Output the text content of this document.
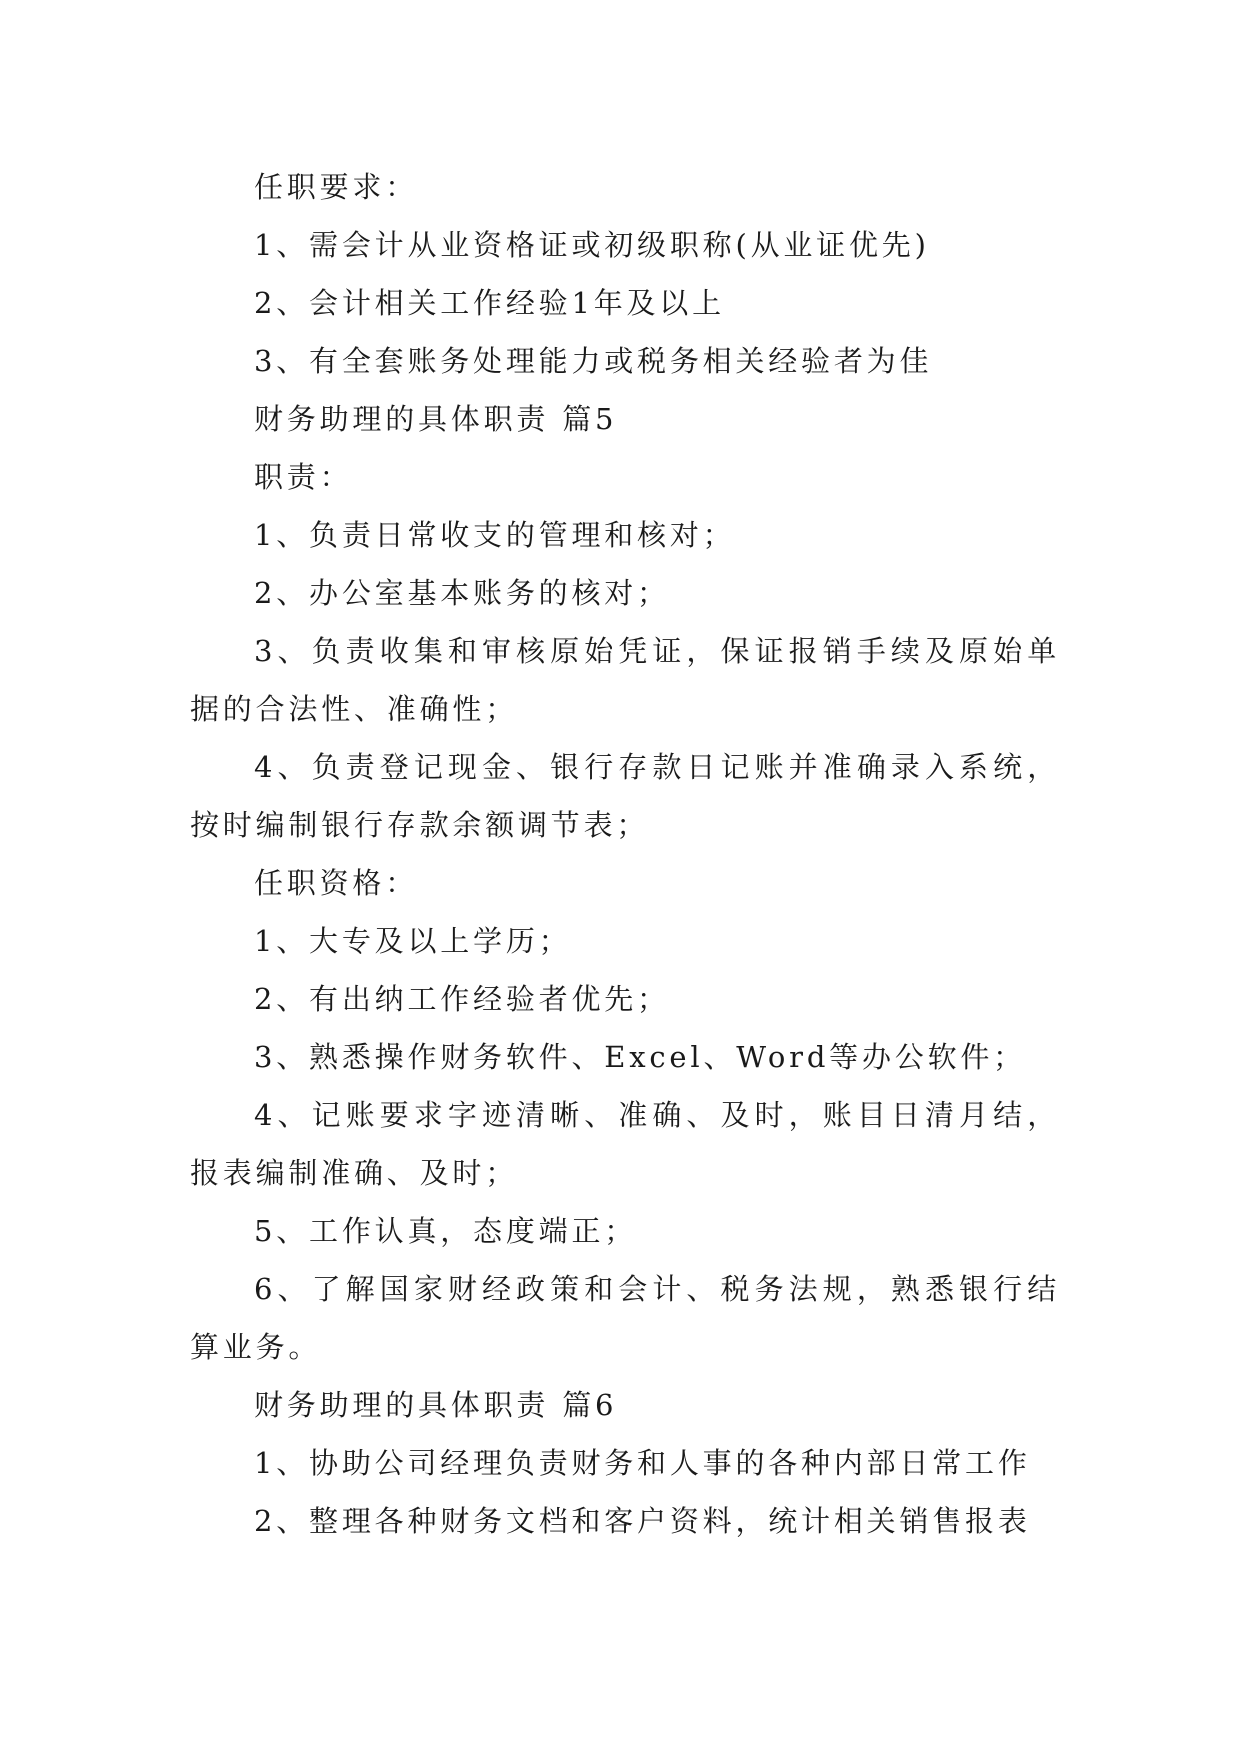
任职要求：

1、需会计从业资格证或初级职称(从业证优先)

2、会计相关工作经验1年及以上

3、有全套账务处理能力或税务相关经验者为佳

财务助理的具体职责 篇5

职责：

1、负责日常收支的管理和核对；

2、办公室基本账务的核对；

3、负责收集和审核原始凭证，保证报销手续及原始单据的合法性、准确性；

4、负责登记现金、银行存款日记账并准确录入系统，按时编制银行存款余额调节表；

任职资格：

1、大专及以上学历；

2、有出纳工作经验者优先；

3、熟悉操作财务软件、Excel、Word等办公软件；

4、记账要求字迹清晰、准确、及时，账目日清月结，报表编制准确、及时；

5、工作认真，态度端正；

6、了解国家财经政策和会计、税务法规，熟悉银行结算业务。

财务助理的具体职责 篇6

1、协助公司经理负责财务和人事的各种内部日常工作

2、整理各种财务文档和客户资料，统计相关销售报表
